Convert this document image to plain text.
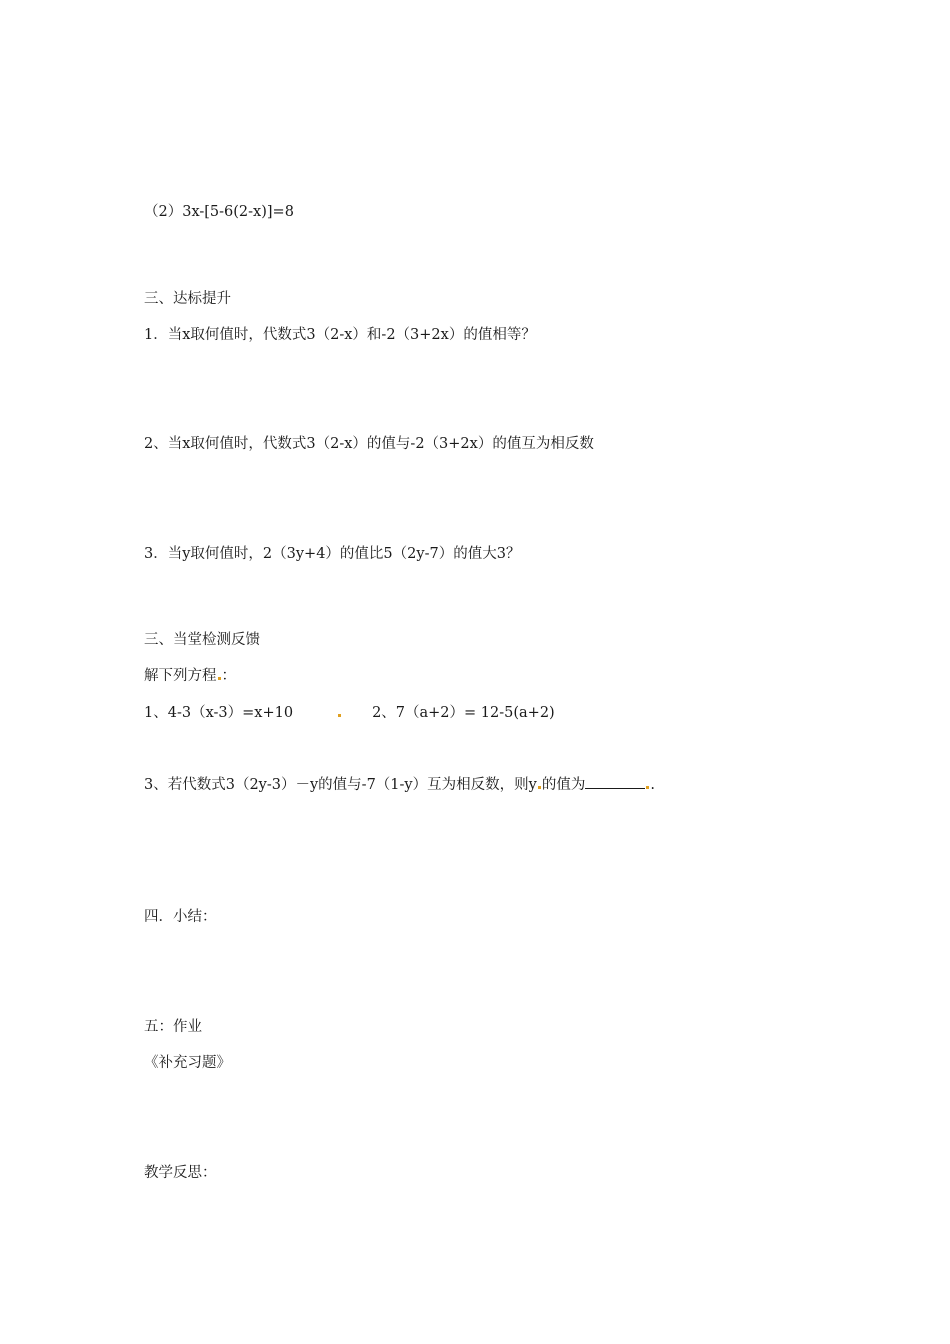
（2）3x-[5-6(2-x)]=8
三、达标提升
1．当x取何值时，代数式3（2-x）和-2（3+2x）的值相等？
2、当x取何值时，代数式3（2-x）的值与-2（3+2x）的值互为相反数
3．当y取何值时，2（3y+4）的值比5（2y-7）的值大3？
三、当堂检测反馈
解下列方程 ：
1、4-3（x-3）=x+10	2、7（a+2）= 12-5(a+2)
3、若代数式3（2y-3）－y的值与-7（1-y）互为相反数，则y 的值为	.
四．小结：
五：作业
《补充习题》
教学反思：
